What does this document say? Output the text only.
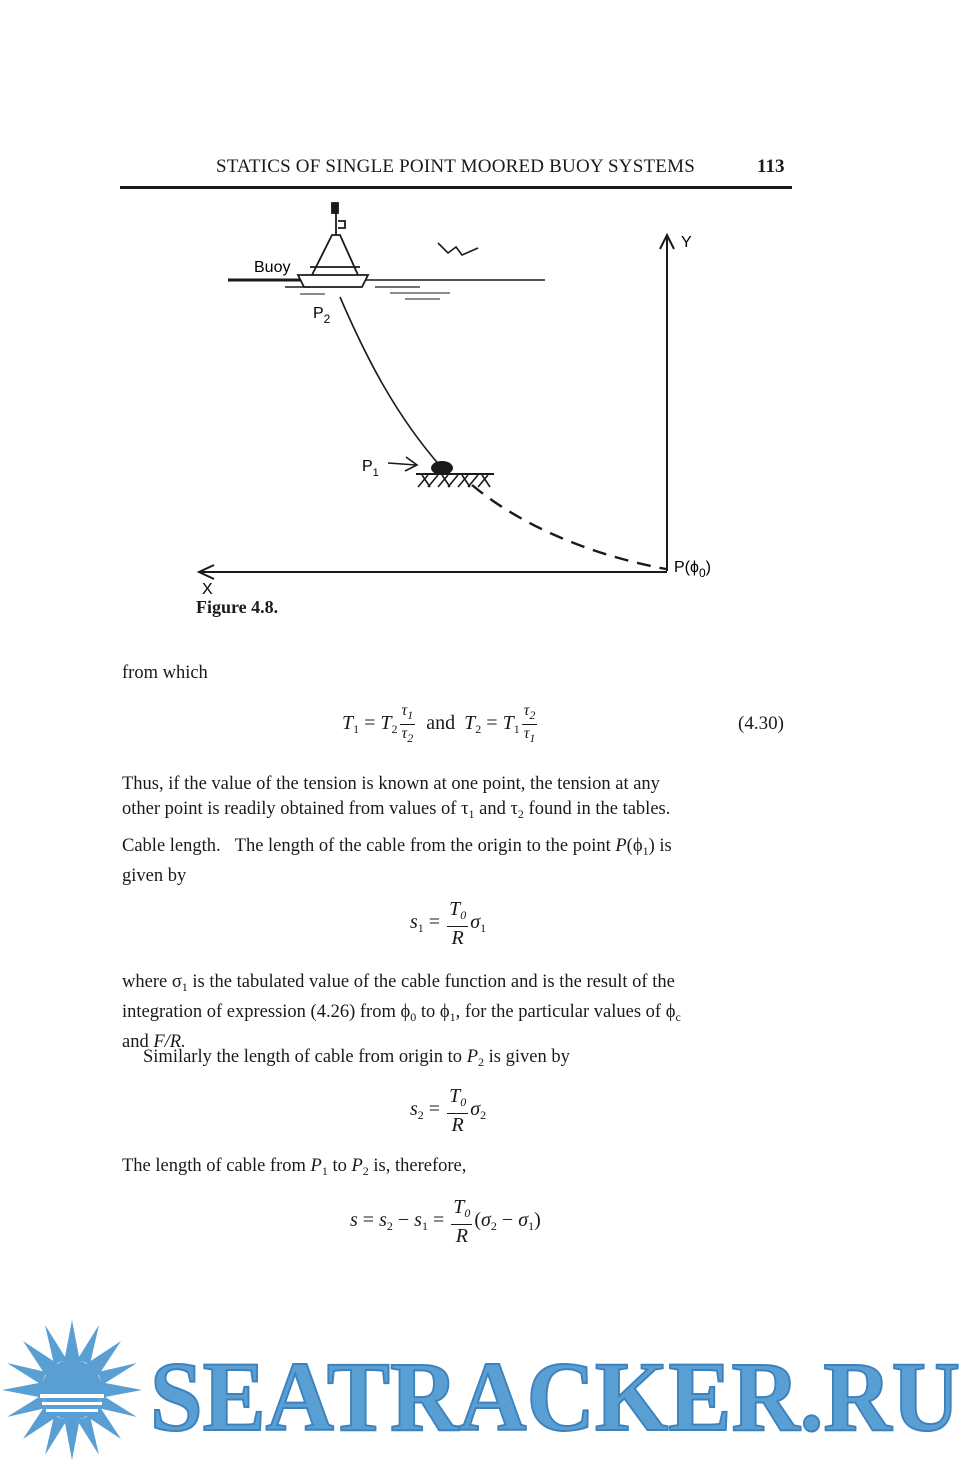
STATICS OF SINGLE POINT MOORED BUOY SYSTEMS	113
Buoy
$P_2$
$P_1$
Y
X
$P(\phi_0)$
Figure 4.8.
from which
$T_1 = T_2 \frac{\tau_1}{\tau_2}$ and $T_2 = T_1 \frac{\tau_2}{\tau_1}$	(4.30)
Thus, if the value of the tension is known at one point, the tension at any
other point is readily obtained from values of $\tau_1$ and $\tau_2$ found in the tables.
Cable length. The length of the cable from the origin to the point $P(\phi_1)$ is
given by
$s_1 = \frac{T_0}{R} \sigma_1$
where $\sigma_1$ is the tabulated value of the cable function and is the result of the
integration of expression (4.26) from $\phi_0$ to $\phi_1$, for the particular values of $\phi_c$
and F/R.
Similarly the length of cable from origin to $P_2$ is given by
$s_2 = \frac{T_0}{R} \sigma_2$
The length of cable from $P_1$ to $P_2$ is, therefore,
$s = s_2 - s_1 = \frac{T_0}{R} (\sigma_2 - \sigma_1)$
SEATRACKER.RU
